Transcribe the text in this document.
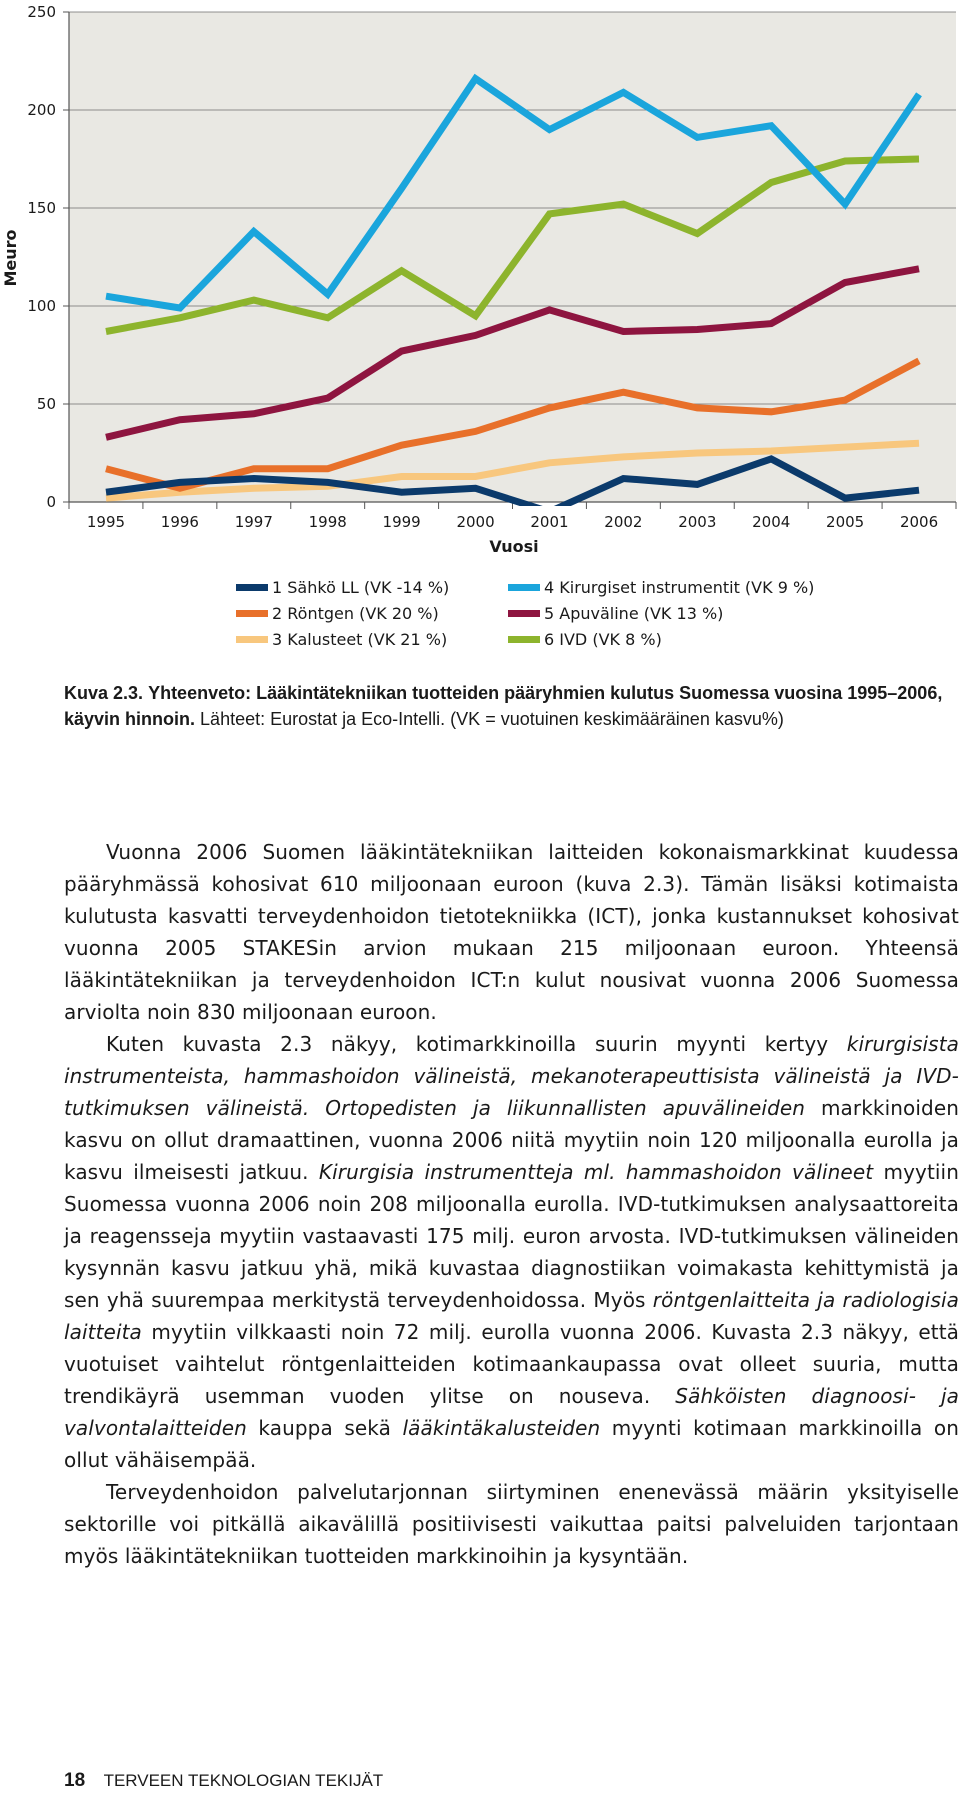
0
50
100
150
200
250
1995 1996 1997 1998 1999 2000 2001 2002 2003 2004 2005 2006
Meuro
Vuosi
1 Sähkö LL (VK -14 %)	4 Kirurgiset instrumentit (VK 9 %)
2 Röntgen (VK 20 %)	5 Apuväline (VK 13 %)
3 Kalusteet (VK 21 %)	6 IVD (VK 8 %)
Kuva 2.3. Yhteenveto: Lääkintätekniikan tuotteiden pääryhmien kulutus Suomessa vuosina 1995–2006, käyvin hinnoin. Lähteet: Eurostat ja Eco-Intelli. (VK = vuotuinen keskimääräinen kasvu%)

Vuonna 2006 Suomen lääkintätekniikan laitteiden kokonaismarkkinat kuudessa pääryhmässä kohosivat 610 miljoonaan euroon (kuva 2.3). Tämän lisäksi kotimaista kulutusta kasvatti terveydenhoidon tietotekniikka (ICT), jonka kustannukset kohosivat vuonna 2005 STAKESin arvion mukaan 215 miljoonaan euroon. Yhteensä lääkintätekniikan ja terveydenhoidon ICT:n kulut nousivat vuonna 2006 Suomessa arviolta noin 830 miljoonaan euroon.

Kuten kuvasta 2.3 näkyy, kotimarkkinoilla suurin myynti kertyy kirurgisista instrumenteista, hammashoidon välineistä, mekanoterapeuttisista välineistä ja IVD- tutkimuksen välineistä. Ortopedisten ja liikunnallisten apuvälineiden markkinoiden kasvu on ollut dramaattinen, vuonna 2006 niitä myytiin noin 120 miljoonalla eurolla ja kasvu ilmeisesti jatkuu. Kirurgisia instrumentteja ml. hammashoidon välineet myytiin Suomessa vuonna 2006 noin 208 miljoonalla eurolla. IVD-tutkimuksen analysaattoreita ja reagensseja myytiin vastaavasti 175 milj. euron arvosta. IVD-tutkimuksen välineiden kysynnän kasvu jatkuu yhä, mikä kuvastaa diagnostiikan voimakasta kehittymistä ja sen yhä suurempaa merkitystä terveydenhoidossa. Myös röntgenlaitteita ja radiologisia laitteita myytiin vilkkaasti noin 72 milj. eurolla vuonna 2006. Kuvasta 2.3 näkyy, että vuotuiset vaihtelut röntgenlaitteiden kotimaankaupassa ovat olleet suuria, mutta trendikäyrä usemman vuoden ylitse on nouseva. Sähköisten diagnoosi- ja valvontalaitteiden kauppa sekä lääkintäkalusteiden myynti kotimaan markkinoilla on ollut vähäisempää.

Terveydenhoidon palvelutarjonnan siirtyminen enenevässä määrin yksityiselle sektorille voi pitkällä aikavälillä positiivisesti vaikuttaa paitsi palveluiden tarjontaan myös lääkintätekniikan tuotteiden markkinoihin ja kysyntään.

18 TERVEEN TEKNOLOGIAN TEKIJÄT
